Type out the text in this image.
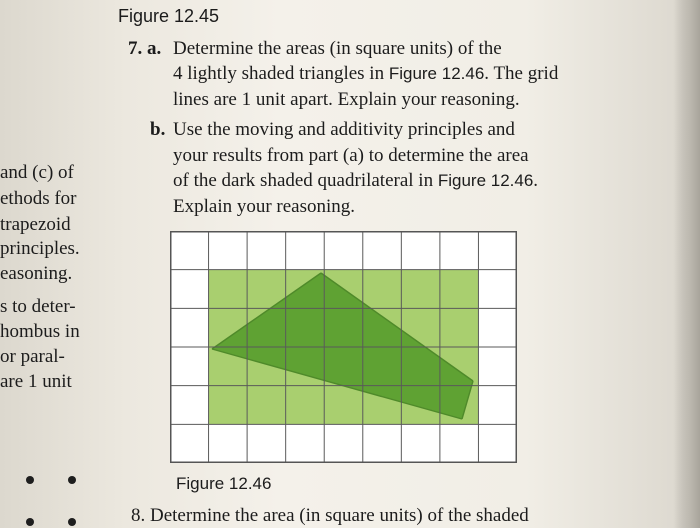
Figure 12.45
and (c) of
ethods for
trapezoid
principles.
easoning.
s to deter-
hombus in
or paral-
are 1 unit
7. a. Determine the areas (in square units) of the
4 lightly shaded triangles in Figure 12.46. The grid
lines are 1 unit apart. Explain your reasoning.
b. Use the moving and additivity principles and
your results from part (a) to determine the area
of the dark shaded quadrilateral in Figure 12.46.
Explain your reasoning.
Figure 12.46
8. Determine the area (in square units) of the shaded
